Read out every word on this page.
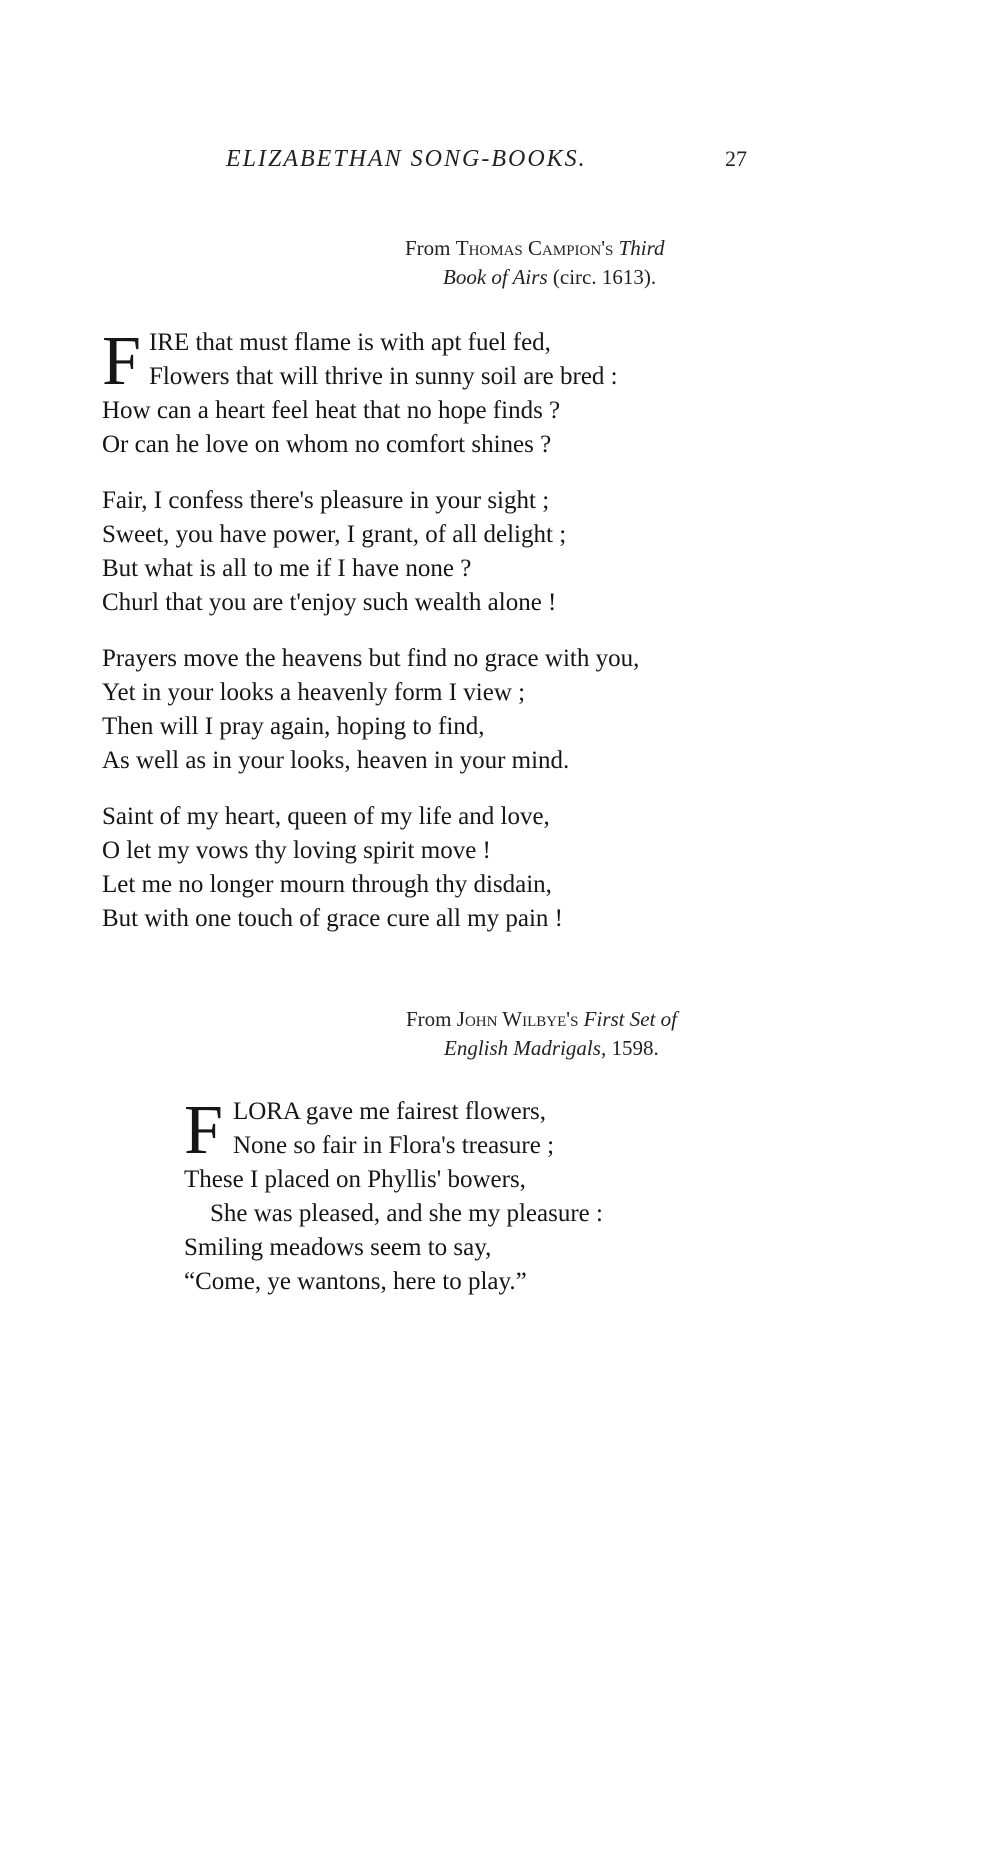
ELIZABETHAN SONG-BOOKS.	27
From Thomas Campion's Third
Book of Airs (circ. 1613).
F IRE that must flame is with apt fuel fed,
Flowers that will thrive in sunny soil are bred :
How can a heart feel heat that no hope finds ?
Or can he love on whom no comfort shines ?
Fair, I confess there's pleasure in your sight ;
Sweet, you have power, I grant, of all delight ;
But what is all to me if I have none ?
Churl that you are t'enjoy such wealth alone !
Prayers move the heavens but find no grace with you,
Yet in your looks a heavenly form I view ;
Then will I pray again, hoping to find,
As well as in your looks, heaven in your mind.
Saint of my heart, queen of my life and love,
O let my vows thy loving spirit move !
Let me no longer mourn through thy disdain,
But with one touch of grace cure all my pain !
From John Wilbye's First Set of
English Madrigals, 1598.
F LORA gave me fairest flowers,
None so fair in Flora's treasure ;
These I placed on Phyllis' bowers,
She was pleased, and she my pleasure :
Smiling meadows seem to say,
“Come, ye wantons, here to play.”
